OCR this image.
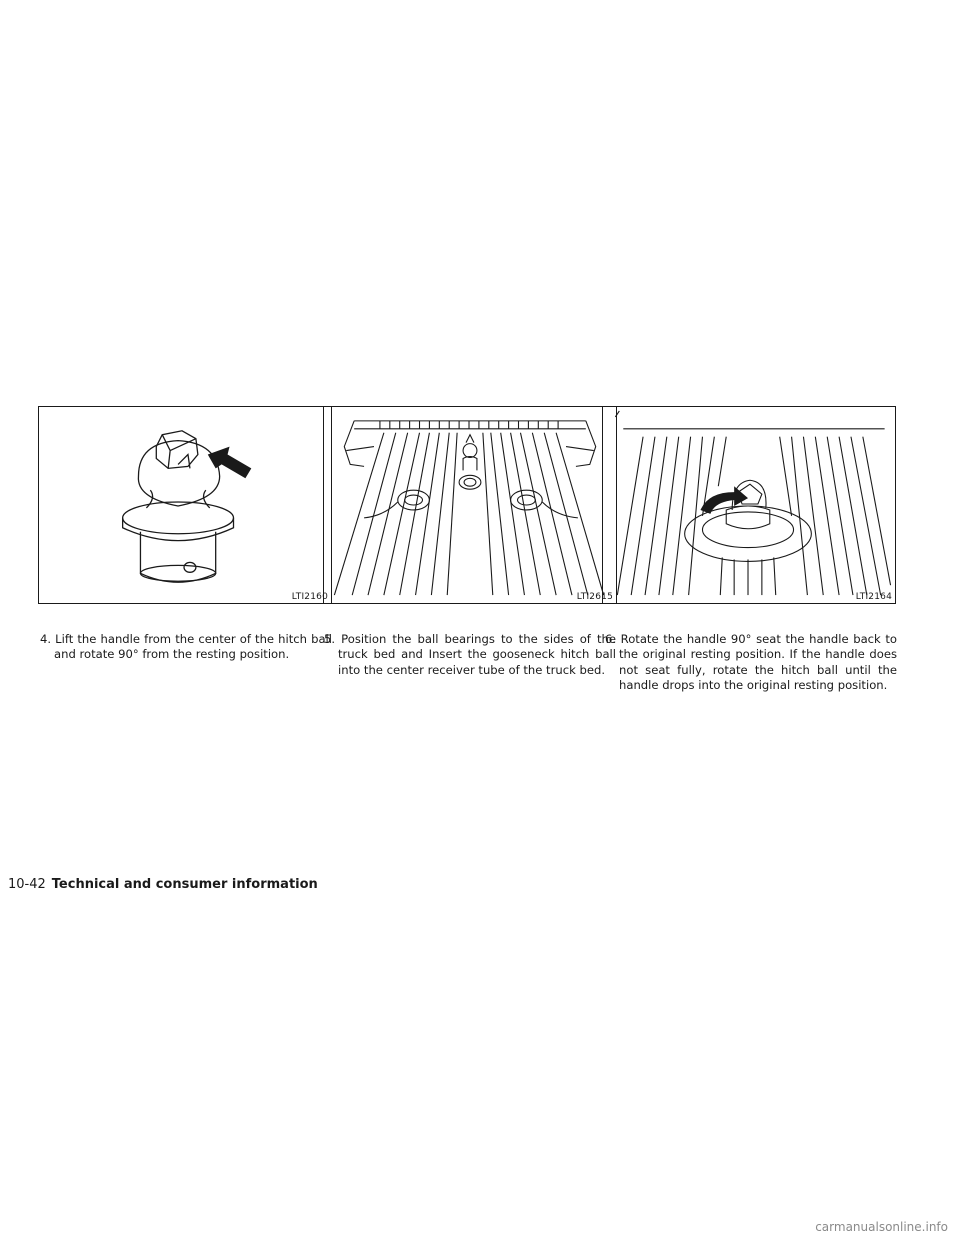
LTI2160	LTI2615	LTI2164
4. Lift the handle from the center of the hitch ball and rotate 90° from the resting position.
5. Position the ball bearings to the sides of the truck bed and Insert the gooseneck hitch ball into the center receiver tube of the truck bed.
6. Rotate the handle 90° seat the handle back to the original resting position. If the handle does not seat fully, rotate the hitch ball until the handle drops into the original resting position.
10-42 Technical and consumer information
carmanualsonline.info
